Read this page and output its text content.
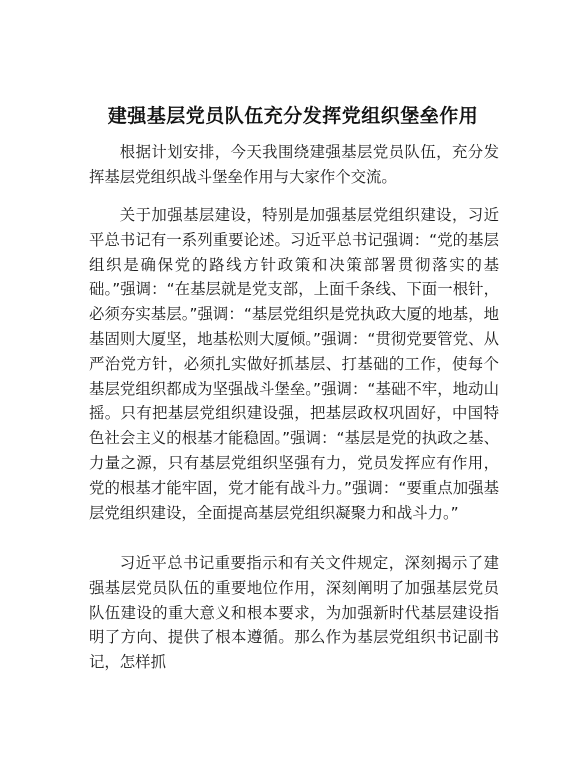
建强基层党员队伍充分发挥党组织堡垒作用

根据计划安排，今天我围绕建强基层党员队伍，充分发挥基层党组织战斗堡垒作用与大家作个交流。

关于加强基层建设，特别是加强基层党组织建设，习近平总书记有一系列重要论述。习近平总书记强调：“党的基层组织是确保党的路线方针政策和决策部署贯彻落实的基础。”强调：“在基层就是党支部，上面千条线、下面一根针，必须夯实基层。”强调：“基层党组织是党执政大厦的地基，地基固则大厦坚，地基松则大厦倾。”强调：“贯彻党要管党、从严治党方针，必须扎实做好抓基层、打基础的工作，使每个基层党组织都成为坚强战斗堡垒。”强调：“基础不牢，地动山摇。只有把基层党组织建设强，把基层政权巩固好，中国特色社会主义的根基才能稳固。”强调：“基层是党的执政之基、力量之源，只有基层党组织坚强有力，党员发挥应有作用，党的根基才能牢固，党才能有战斗力。”强调：“要重点加强基层党组织建设，全面提高基层党组织凝聚力和战斗力。”

习近平总书记重要指示和有关文件规定，深刻揭示了建强基层党员队伍的重要地位作用，深刻阐明了加强基层党员队伍建设的重大意义和根本要求，为加强新时代基层建设指明了方向、提供了根本遵循。那么作为基层党组织书记副书记，怎样抓
